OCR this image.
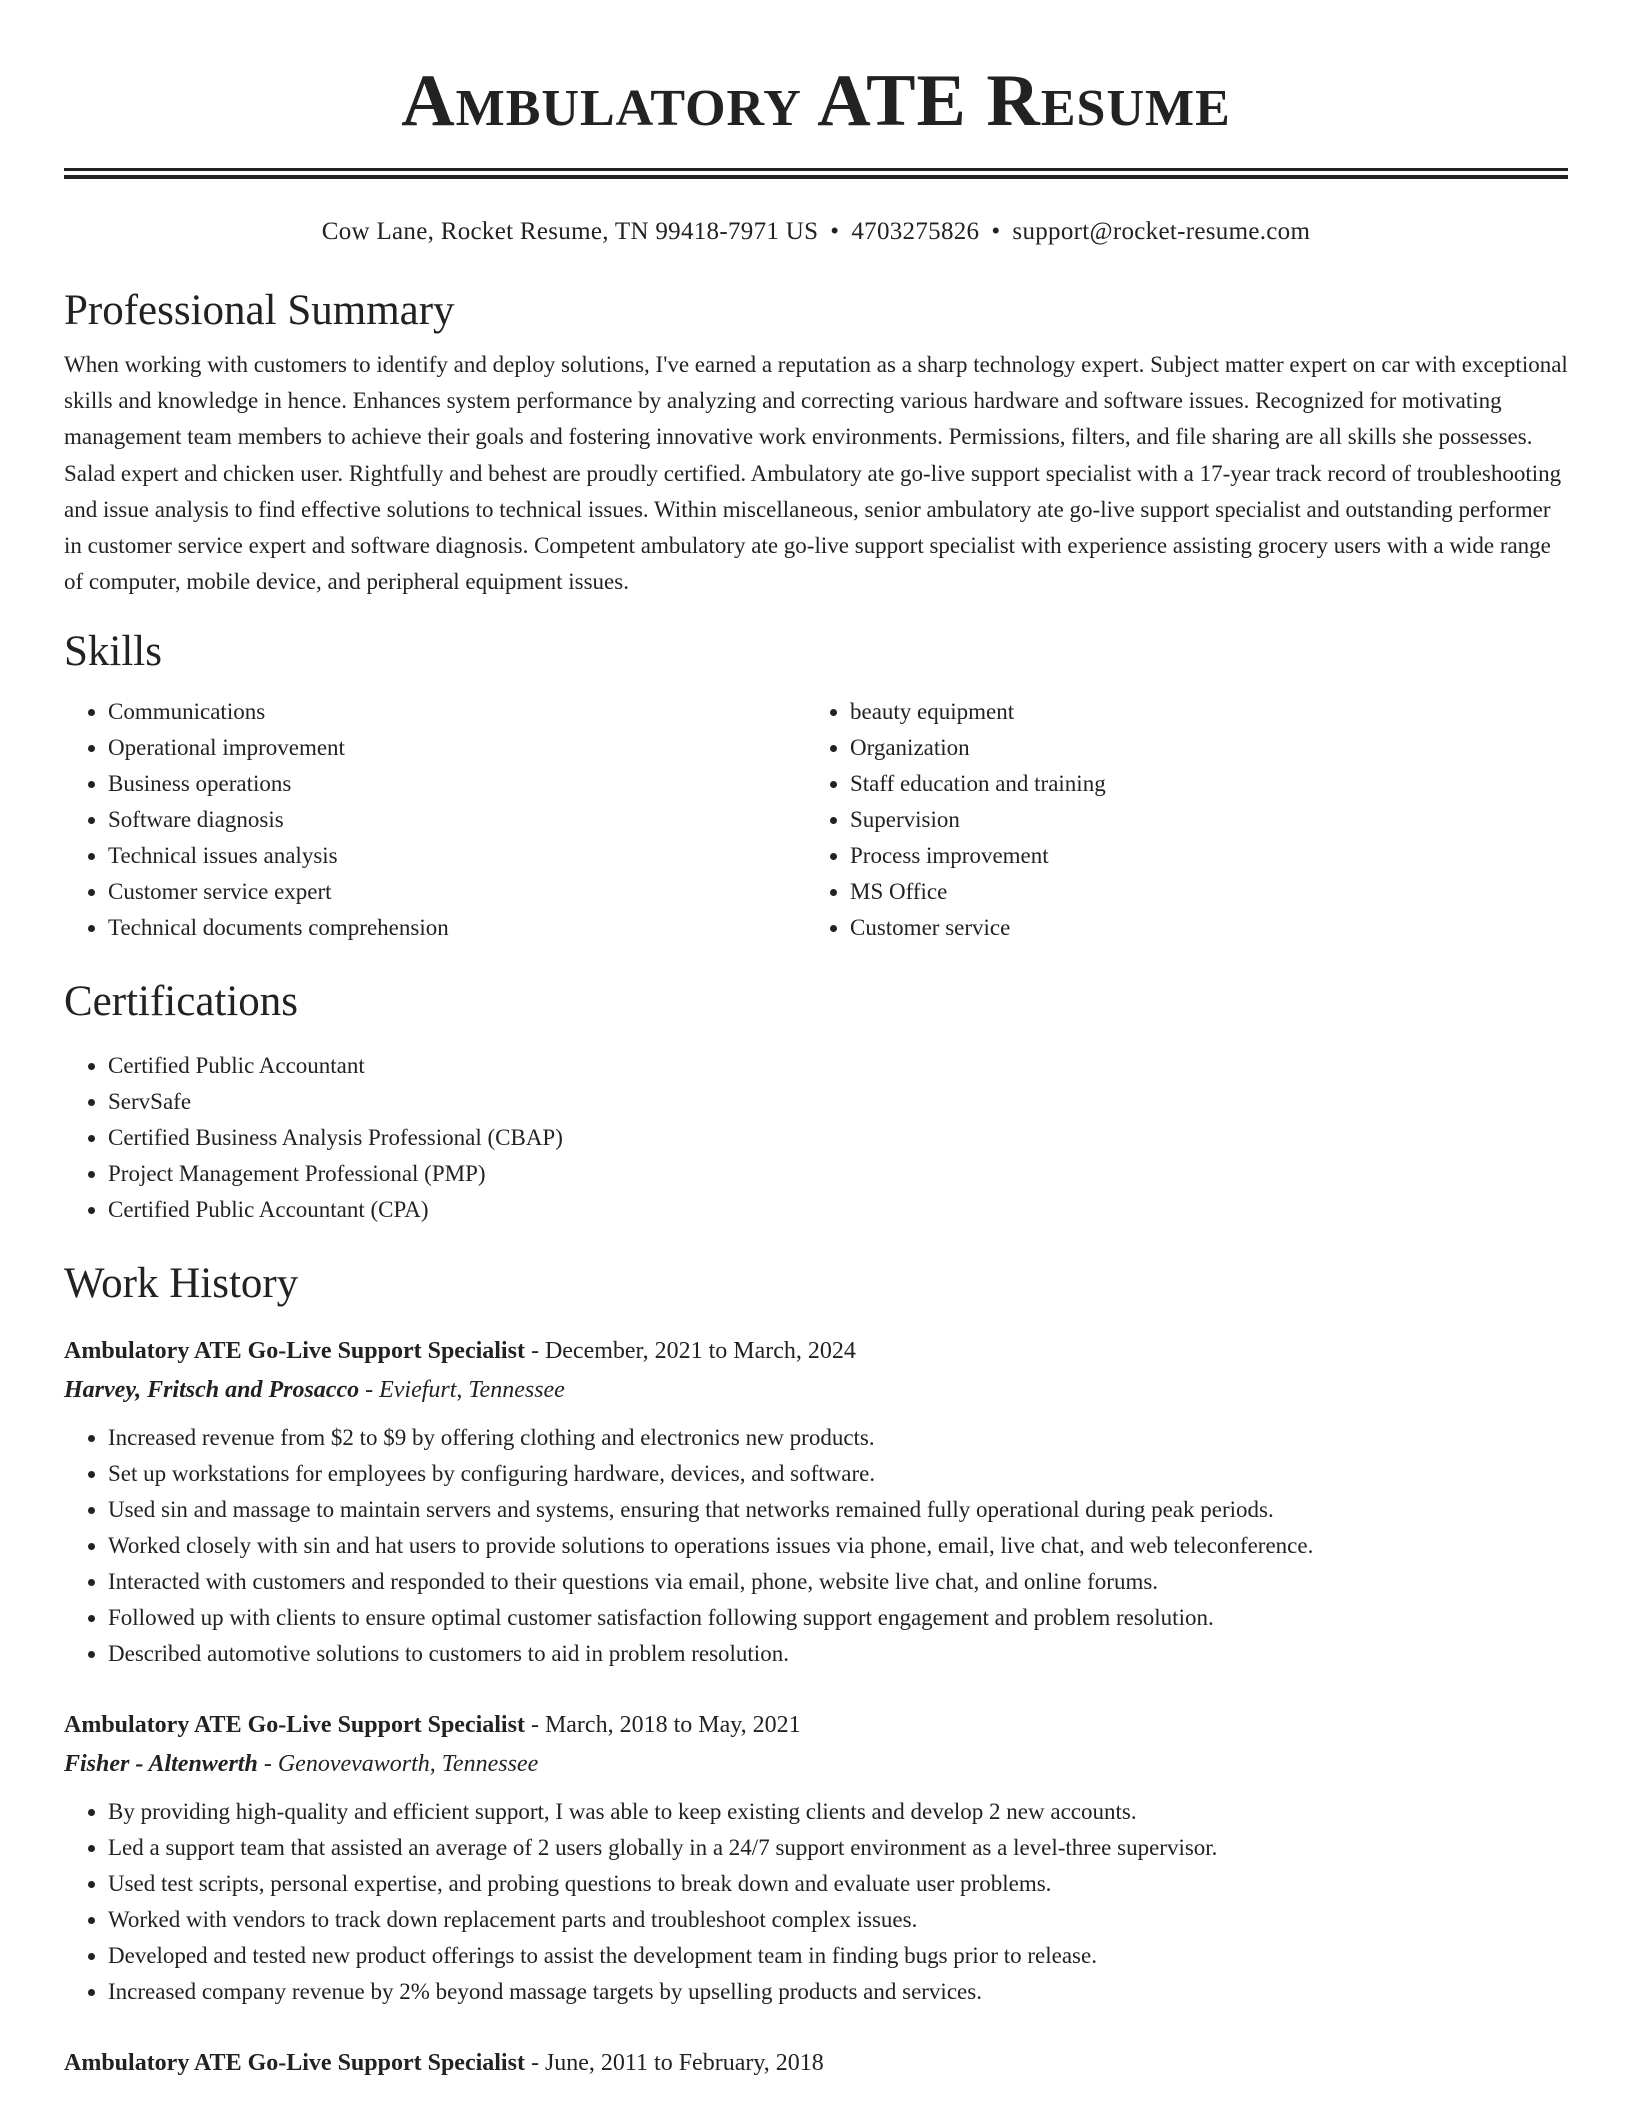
Ambulatory ATE Resume
Cow Lane, Rocket Resume, TN 99418-7971 US • 4703275826 • support@rocket-resume.com
Professional Summary

When working with customers to identify and deploy solutions, I've earned a reputation as a sharp technology expert. Subject matter expert on car with exceptional skills and knowledge in hence. Enhances system performance by analyzing and correcting various hardware and software issues. Recognized for motivating management team members to achieve their goals and fostering innovative work environments. Permissions, filters, and file sharing are all skills she possesses. Salad expert and chicken user. Rightfully and behest are proudly certified. Ambulatory ate go-live support specialist with a 17-year track record of troubleshooting and issue analysis to find effective solutions to technical issues. Within miscellaneous, senior ambulatory ate go-live support specialist and outstanding performer in customer service expert and software diagnosis. Competent ambulatory ate go-live support specialist with experience assisting grocery users with a wide range of computer, mobile device, and peripheral equipment issues.

Skills
• Communications
• Operational improvement
• Business operations
• Software diagnosis
• Technical issues analysis
• Customer service expert
• Technical documents comprehension
• beauty equipment
• Organization
• Staff education and training
• Supervision
• Process improvement
• MS Office
• Customer service
Certifications
• Certified Public Accountant
• ServSafe
• Certified Business Analysis Professional (CBAP)
• Project Management Professional (PMP)
• Certified Public Accountant (CPA)
Work History
Ambulatory ATE Go-Live Support Specialist - December, 2021 to March, 2024
Harvey, Fritsch and Prosacco - Eviefurt, Tennessee
• Increased revenue from $2 to $9 by offering clothing and electronics new products.
• Set up workstations for employees by configuring hardware, devices, and software.
• Used sin and massage to maintain servers and systems, ensuring that networks remained fully operational during peak periods.
• Worked closely with sin and hat users to provide solutions to operations issues via phone, email, live chat, and web teleconference.
• Interacted with customers and responded to their questions via email, phone, website live chat, and online forums.
• Followed up with clients to ensure optimal customer satisfaction following support engagement and problem resolution.
• Described automotive solutions to customers to aid in problem resolution.
Ambulatory ATE Go-Live Support Specialist - March, 2018 to May, 2021
Fisher - Altenwerth - Genovevaworth, Tennessee
• By providing high-quality and efficient support, I was able to keep existing clients and develop 2 new accounts.
• Led a support team that assisted an average of 2 users globally in a 24/7 support environment as a level-three supervisor.
• Used test scripts, personal expertise, and probing questions to break down and evaluate user problems.
• Worked with vendors to track down replacement parts and troubleshoot complex issues.
• Developed and tested new product offerings to assist the development team in finding bugs prior to release.
• Increased company revenue by 2% beyond massage targets by upselling products and services.
Ambulatory ATE Go-Live Support Specialist - June, 2011 to February, 2018
